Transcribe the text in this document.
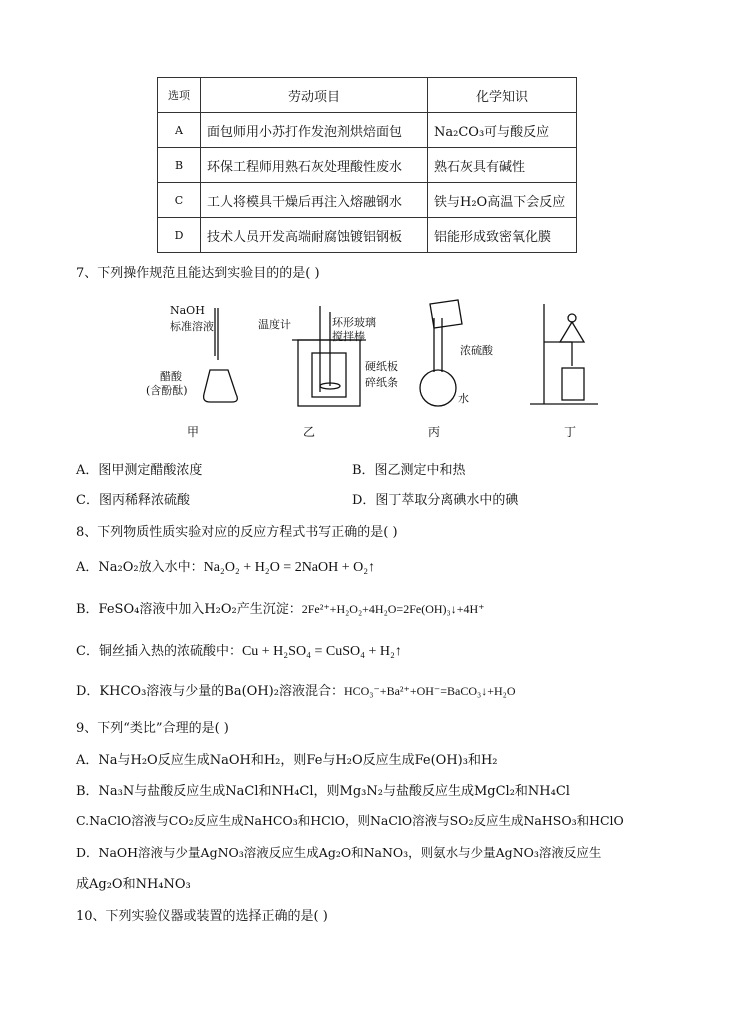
选项	劳动项目	化学知识
A	面包师用小苏打作发泡剂烘焙面包	Na₂CO₃可与酸反应
B	环保工程师用熟石灰处理酸性废水	熟石灰具有碱性
C	工人将模具干燥后再注入熔融钢水	铁与H₂O高温下会反应
D	技术人员开发高端耐腐蚀镀铝钢板	铝能形成致密氧化膜
7、下列操作规范且能达到实验目的的是( )
NaOH
标准溶液
醋酸
(含酚酞)
温度计	环形玻璃
搅拌棒
硬纸板
碎纸条
浓硫酸
水
甲	乙	丙	丁
A．图甲测定醋酸浓度	B．图乙测定中和热
C．图丙稀释浓硫酸	D．图丁萃取分离碘水中的碘
8、下列物质性质实验对应的反应方程式书写正确的是( )
A．Na₂O₂放入水中：Na₂O₂ + H₂O = 2NaOH + O₂↑
B．FeSO₄溶液中加入H₂O₂产生沉淀：2Fe²⁺+H₂O₂+4H₂O=2Fe(OH)₃↓+4H⁺
C．铜丝插入热的浓硫酸中：Cu + H₂SO₄ = CuSO₄ + H₂↑
D．KHCO₃溶液与少量的Ba(OH)₂溶液混合：HCO₃⁻+Ba²⁺+OH⁻=BaCO₃↓+H₂O
9、下列“类比”合理的是( )
A．Na与H₂O反应生成NaOH和H₂，则Fe与H₂O反应生成Fe(OH)₃和H₂
B．Na₃N与盐酸反应生成NaCl和NH₄Cl，则Mg₃N₂与盐酸反应生成MgCl₂和NH₄Cl
C.NaClO溶液与CO₂反应生成NaHCO₃和HClO，则NaClO溶液与SO₂反应生成NaHSO₃和HClO
D．NaOH溶液与少量AgNO₃溶液反应生成Ag₂O和NaNO₃，则氨水与少量AgNO₃溶液反应生
成Ag₂O和NH₄NO₃
10、下列实验仪器或装置的选择正确的是( )
